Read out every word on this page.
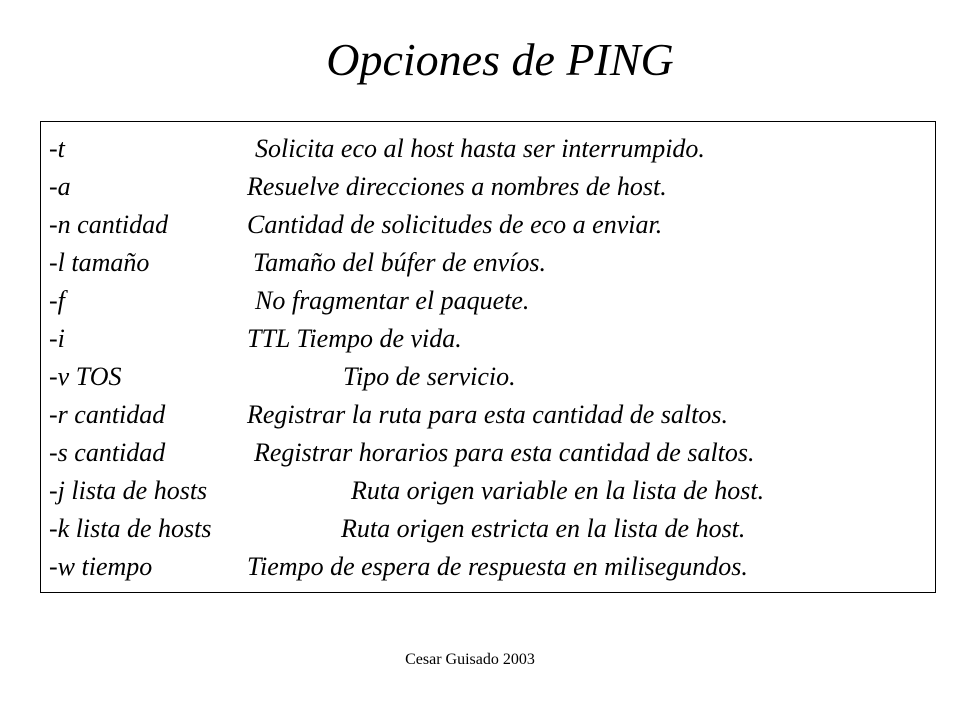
Opciones de PING
-t	Solicita eco al host hasta ser interrumpido.
-a	Resuelve direcciones a nombres de host.
-n cantidad	Cantidad de solicitudes de eco a enviar.
-l tamaño	Tamaño del búfer de envíos.
-f	No fragmentar el paquete.
-i	TTL Tiempo de vida.
-v TOS	Tipo de servicio.
-r cantidad	Registrar la ruta para esta cantidad de saltos.
-s cantidad	Registrar horarios para esta cantidad de saltos.
-j lista de hosts	Ruta origen variable en la lista de host.
-k lista de hosts	Ruta origen estricta en la lista de host.
-w tiempo	Tiempo de espera de respuesta en milisegundos.
Cesar Guisado 2003
